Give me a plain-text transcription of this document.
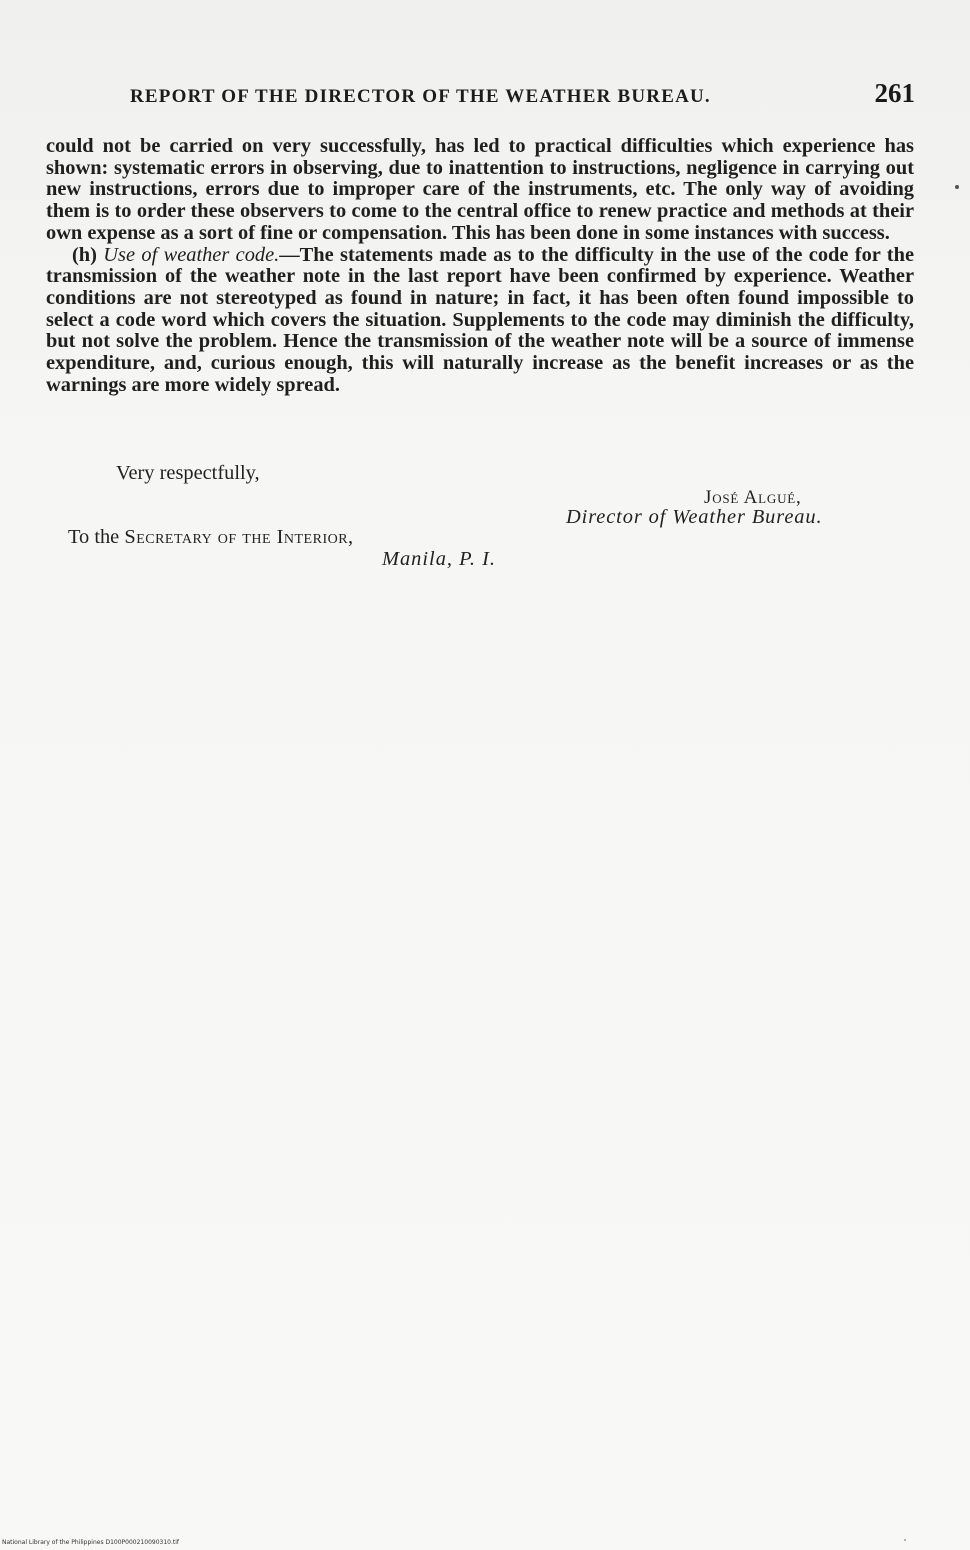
REPORT OF THE DIRECTOR OF THE WEATHER BUREAU.	261

could not be carried on very successfully, has led to practical difficulties which experience has shown: systematic errors in observing, due to inattention to instructions, negligence in carrying out new instructions, errors due to improper care of the instruments, etc. The only way of avoiding them is to order these observers to come to the central office to renew practice and methods at their own expense as a sort of fine or compensation. This has been done in some instances with success.

(h) Use of weather code.—The statements made as to the difficulty in the use of the code for the transmission of the weather note in the last report have been confirmed by experience. Weather conditions are not stereotyped as found in nature; in fact, it has been often found impossible to select a code word which covers the situation. Supplements to the code may diminish the difficulty, but not solve the problem. Hence the transmission of the weather note will be a source of immense expenditure, and, curious enough, this will naturally increase as the benefit increases or as the warnings are more widely spread.

Very respectfully,
José Algué,
Director of Weather Bureau.
To the Secretary of the Interior,
Manila, P. I.
National Library of the Philippines D100P000210090310.tif
